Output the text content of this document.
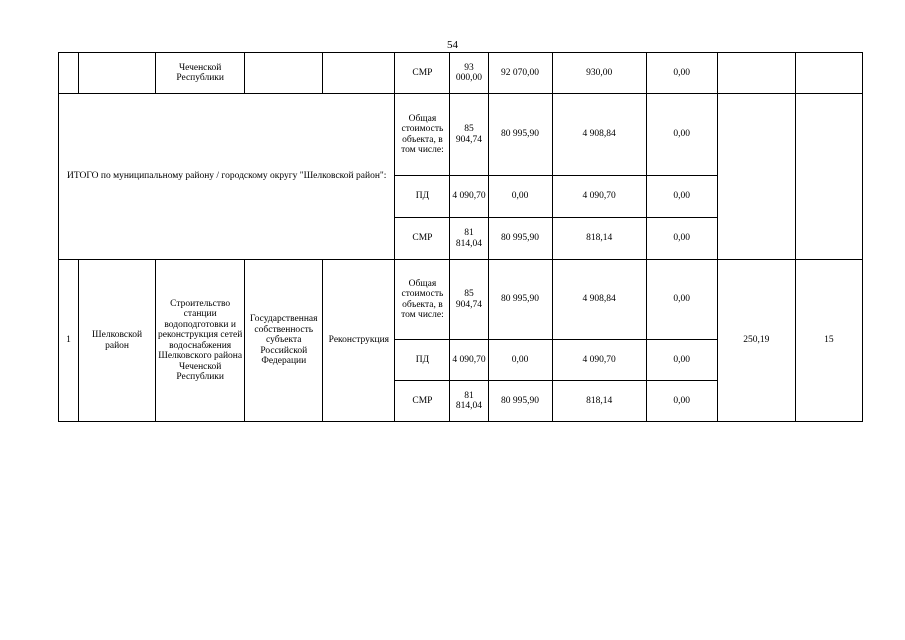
54
		Чеченской Республики			СМР	93 000,00	92 070,00	930,00	0,00		
ИТОГО по муниципальному району / городскому округу "Шелковской район":					Общая стоимость объекта, в том числе:	85 904,74	80 995,90	4 908,84	0,00		
					ПД	4 090,70	0,00	4 090,70	0,00		
					СМР	81 814,04	80 995,90	818,14	0,00		
1	Шелковской район	Строительство станции водоподготовки и реконструкция сетей водоснабжения Шелковского района Чеченской Республики	Государственная собственность субъекта Российской Федерации	Реконструкция	Общая стоимость объекта, в том числе:	85 904,74	80 995,90	4 908,84	0,00	250,19	15
					ПД	4 090,70	0,00	4 090,70	0,00		
					СМР	81 814,04	80 995,90	818,14	0,00		
